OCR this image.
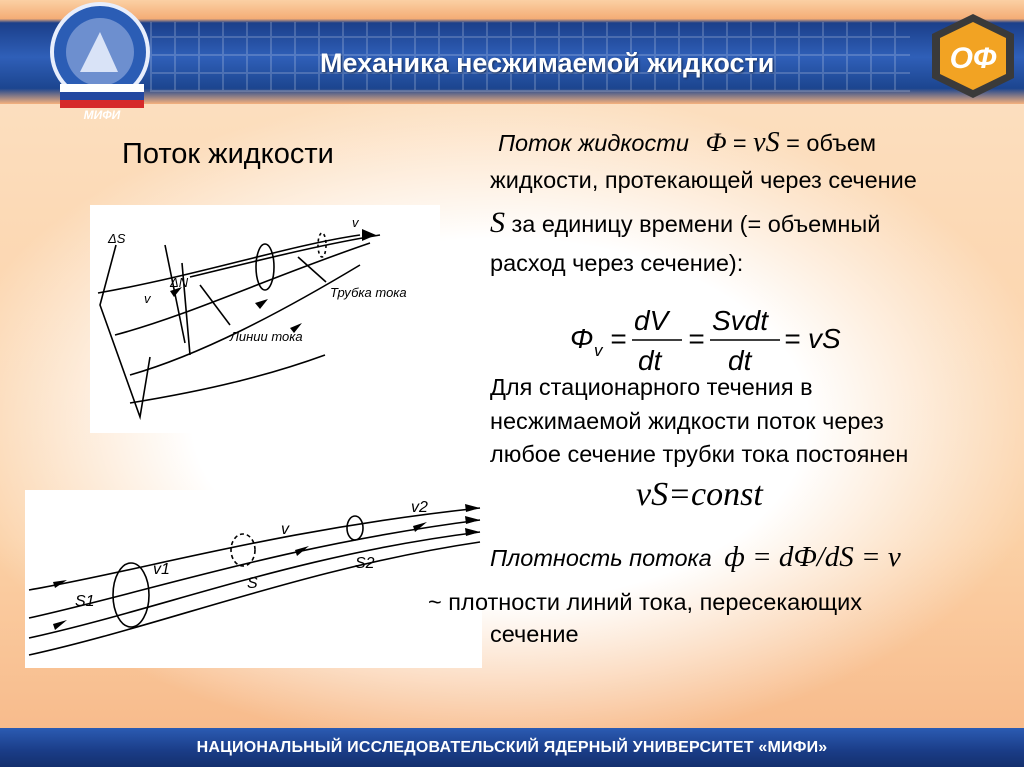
МИФИ
ОФ
Механика несжимаемой жидкости
Поток жидкости
ΔS
v
v
ΔN
Трубка тока
Линии тока
S1
v1
S
v
S2
v2
Поток жидкости Ф = vS = объем
жидкости, протекающей через сечение
S за единицу времени (= объемный
расход через сечение):
Φ v =
dV
dt
=
Svdt
dt
= vS
Для стационарного течения в
несжимаемой жидкости поток через
любое сечение трубки тока постоянен
vS=const
Плотность потока ф = dФ/dS = v
~ плотности линий тока, пересекающих
сечение
НАЦИОНАЛЬНЫЙ ИССЛЕДОВАТЕЛЬСКИЙ ЯДЕРНЫЙ УНИВЕРСИТЕТ «МИФИ»
